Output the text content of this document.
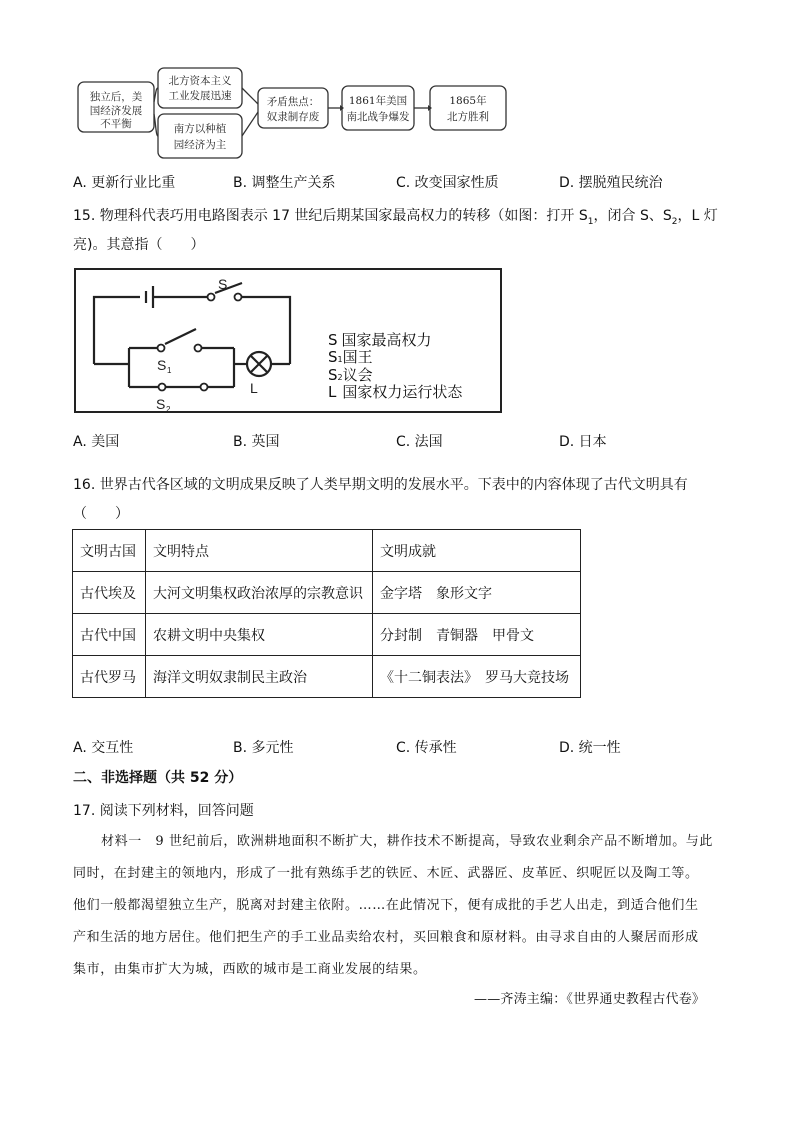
独立后，美
国经济发展
不平衡
北方资本主义
工业发展迅速
南方以种植
园经济为主
矛盾焦点：
奴隶制存废
1861年美国
南北战争爆发
1865年
北方胜利
A. 更新行业比重	B. 调整生产关系	C. 改变国家性质	D. 摆脱殖民统治
15. 物理科代表巧用电路图表示 17 世纪后期某国家最高权力的转移（如图：打开 $S_1$，闭合 S、$S_2$，L 灯
亮)。其意指（　　）
S
S 1
S 2
L
S 国家最高权力
S1国王
S2议会
L 国家权力运行状态
A. 美国	B. 英国	C. 法国	D. 日本
16. 世界古代各区域的文明成果反映了人类早期文明的发展水平。下表中的内容体现了古代文明具有
（　　）
文明古国	文明特点	文明成就
古代埃及	大河文明集权政治浓厚的宗教意识	金字塔　象形文字
古代中国	农耕文明中央集权	分封制　青铜器　甲骨文
古代罗马	海洋文明奴隶制民主政治	《十二铜表法》　罗马大竞技场
A. 交互性	B. 多元性	C. 传承性	D. 统一性
二、非选择题（共 52 分）
17. 阅读下列材料，回答问题
材料一　9 世纪前后，欧洲耕地面积不断扩大，耕作技术不断提高，导致农业剩余产品不断增加。与此
同时，在封建主的领地内，形成了一批有熟练手艺的铁匠、木匠、武器匠、皮革匠、织呢匠以及陶工等。
他们一般都渴望独立生产，脱离对封建主依附。……在此情况下，便有成批的手艺人出走，到适合他们生
产和生活的地方居住。他们把生产的手工业品卖给农村，买回粮食和原材料。由寻求自由的人聚居而形成
集市，由集市扩大为城，西欧的城市是工商业发展的结果。
——齐涛主编：《世界通史教程古代卷》
